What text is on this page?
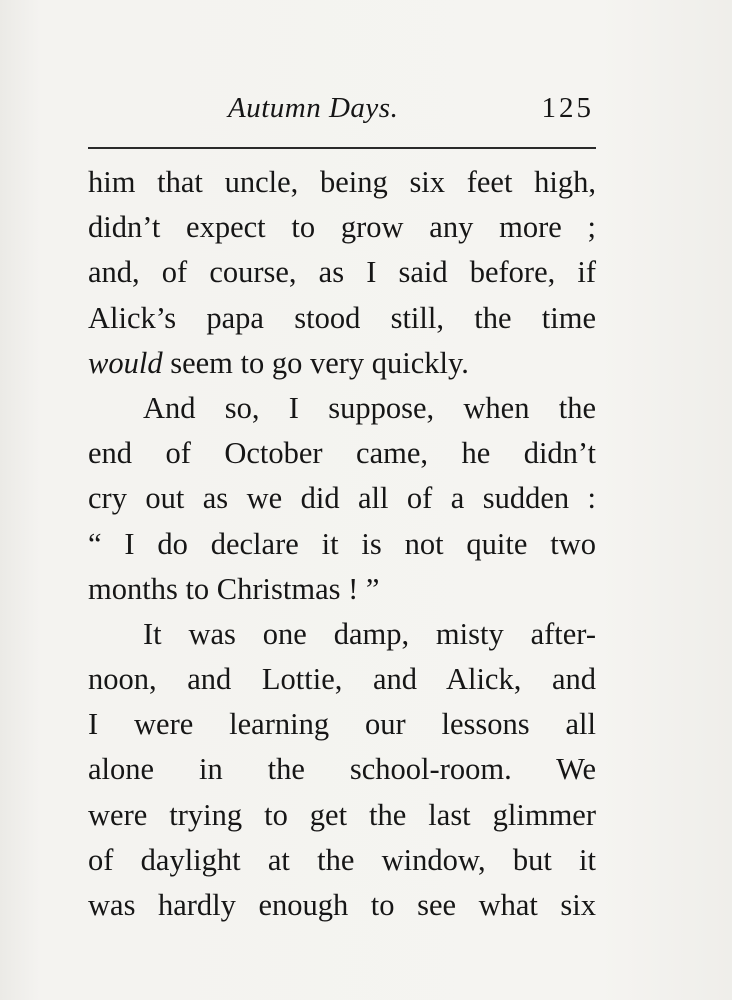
Autumn Days.	125
him that uncle, being six feet high,
didn’t expect to grow any more ;
and, of course, as I said before, if
Alick’s papa stood still, the time
would seem to go very quickly.
And so, I suppose, when the
end of October came, he didn’t
cry out as we did all of a sudden :
“ I do declare it is not quite two
months to Christmas ! ”
It was one damp, misty after-
noon, and Lottie, and Alick, and
I were learning our lessons all
alone in the school-room. We
were trying to get the last glimmer
of daylight at the window, but it
was hardly enough to see what six
